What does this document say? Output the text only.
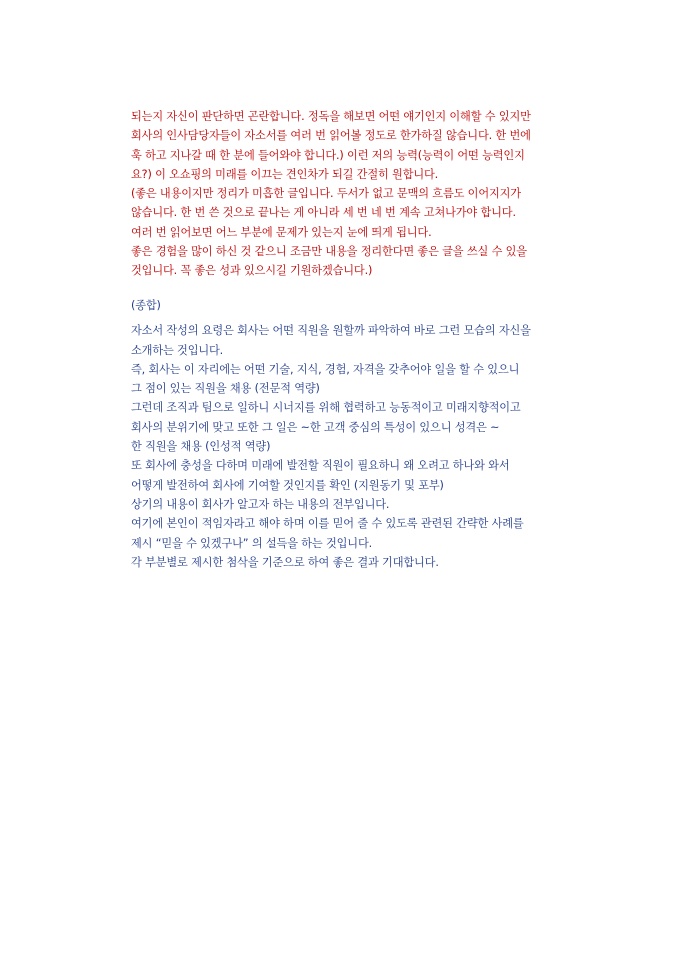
되는지 자신이 판단하면 곤란합니다. 정독을 해보면 어떤 얘기인지 이해할 수 있지만
회사의 인사담당자들이 자소서를 여러 번 읽어볼 정도로 한가하질 않습니다. 한 번에
훅 하고 지나갈 때 한 분에 들어와야 합니다.) 이런 저의 능력(능력이 어떤 능력인지
요?) 이 오쇼핑의 미래를 이끄는 견인차가 되길 간절히 원합니다.
(좋은 내용이지만 정리가 미흡한 글입니다. 두서가 없고 문맥의 흐름도 이어지지가
않습니다. 한 번 쓴 것으로 끝나는 게 아니라 세 번 네 번 계속 고쳐나가야 합니다.
여러 번 읽어보면 어느 부분에 문제가 있는지 눈에 띄게 됩니다.
좋은 경험을 많이 하신 것 같으니 조금만 내용을 정리한다면 좋은 글을 쓰실 수 있을
것입니다. 꼭 좋은 성과 있으시길 기원하겠습니다.)
(종합)
자소서 작성의 요령은 회사는 어떤 직원을 원할까 파악하여 바로 그런 모습의 자신을
소개하는 것입니다.
즉, 회사는 이 자리에는 어떤 기술, 지식, 경험, 자격을 갖추어야 일을 할 수 있으니
그 점이 있는 직원을 채용 (전문적 역량)
그런데 조직과 팀으로 일하니 시너지를 위해 협력하고 능동적이고 미래지향적이고
회사의 분위기에 맞고 또한 그 일은 ~한 고객 중심의 특성이 있으니 성격은 ~
한 직원을 채용 (인성적 역량)
또 회사에 충성을 다하며 미래에 발전할 직원이 필요하니 왜 오려고 하나와 와서
어떻게 발전하여 회사에 기여할 것인지를 확인 (지원동기 및 포부)
상기의 내용이 회사가 알고자 하는 내용의 전부입니다.
여기에 본인이 적임자라고 해야 하며 이를 믿어 줄 수 있도록 관련된 간략한 사례를
제시 “믿을 수 있겠구나” 의 설득을 하는 것입니다.
각 부분별로 제시한 첨삭을 기준으로 하여 좋은 결과 기대합니다.
